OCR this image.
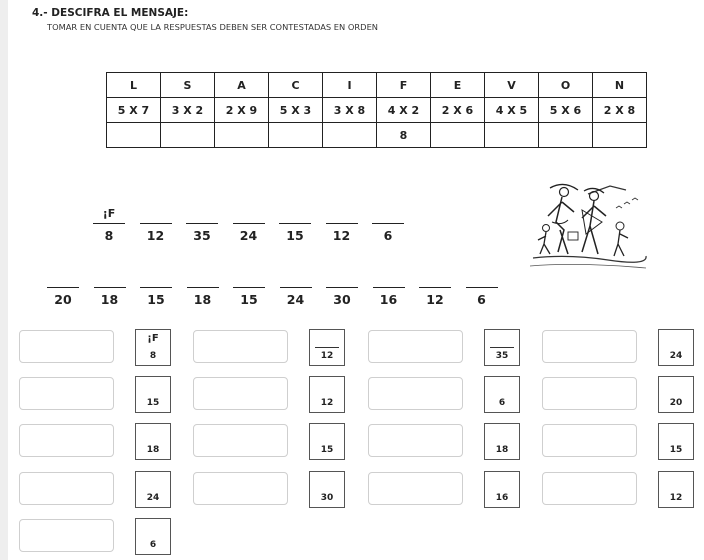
4.- DESCIFRA EL MENSAJE:
TOMAR EN CUENTA QUE LA RESPUESTAS DEBEN SER CONTESTADAS EN ORDEN
L	S	A	C	I	F	E	V	O	N
5 X 7	3 X 2	2 X 9	5 X 3	3 X 8	4 X 2	2 X 6	4 X 5	5 X 6	2 X 8
					8				
¡F
8	12	35	24	15	12	6
20	18	15	18	15	24	30	16	12	6
¡F
8	12	35	24
15	12	6	20
18	15	18	15
24	30	16	12
6
